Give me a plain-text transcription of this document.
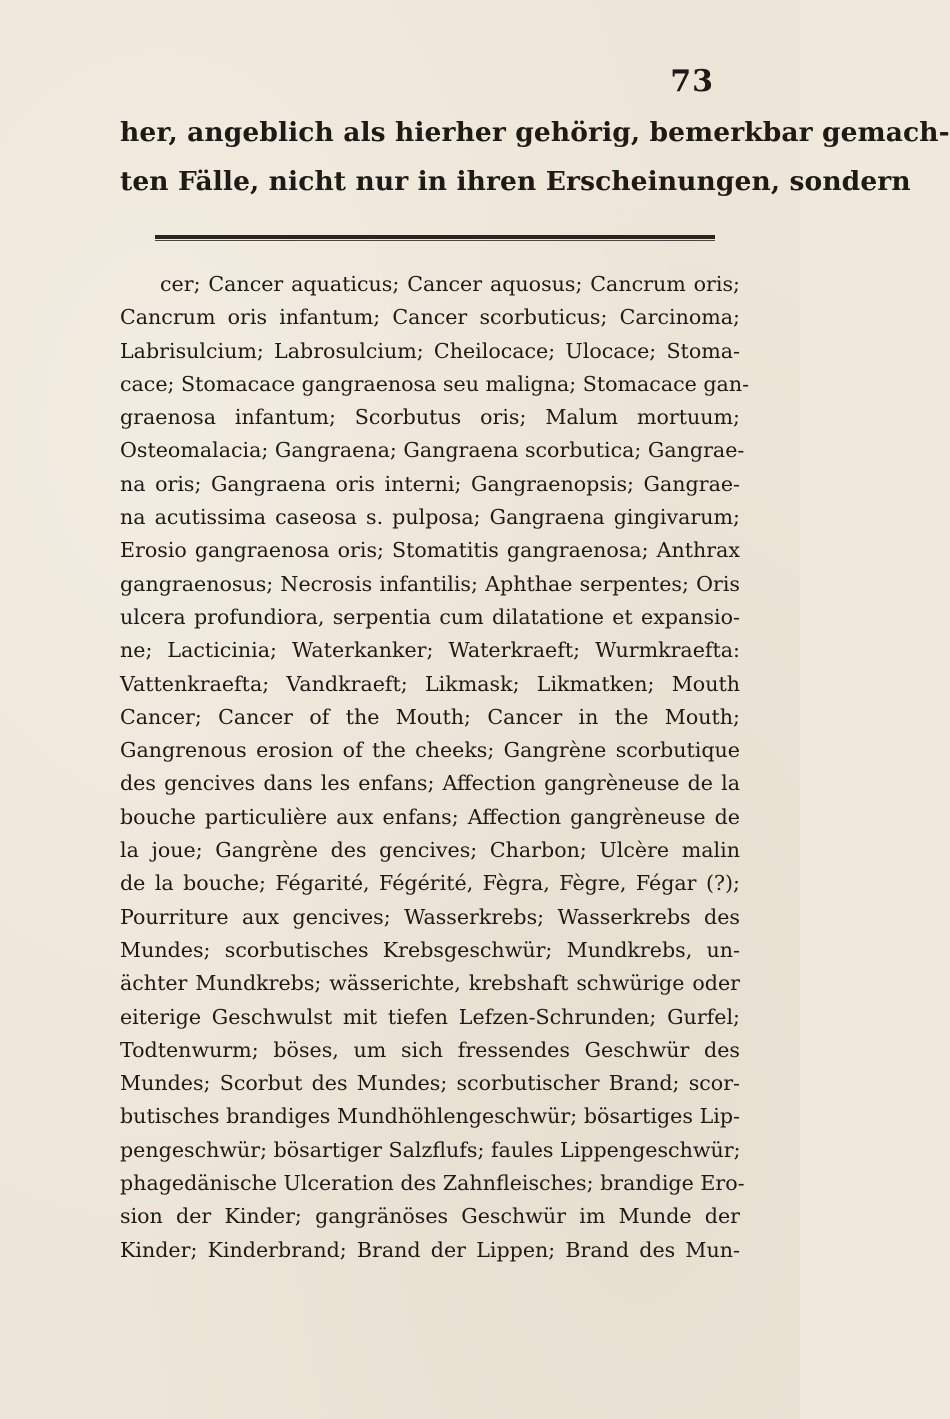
73
her, angeblich als hierher gehörig, bemerkbar gemach-
ten Fälle, nicht nur in ihren Erscheinungen, sondern
cer; Cancer aquaticus; Cancer aquosus; Cancrum oris;
Cancrum oris infantum; Cancer scorbuticus; Carcinoma;
Labrisulcium; Labrosulcium; Cheilocace; Ulocace; Stoma-
cace; Stomacace gangraenosa seu maligna; Stomacace gan-
graenosa infantum; Scorbutus oris; Malum mortuum;
Osteomalacia; Gangraena; Gangraena scorbutica; Gangrae-
na oris; Gangraena oris interni; Gangraenopsis; Gangrae-
na acutissima caseosa s. pulposa; Gangraena gingivarum;
Erosio gangraenosa oris; Stomatitis gangraenosa; Anthrax
gangraenosus; Necrosis infantilis; Aphthae serpentes; Oris
ulcera profundiora, serpentia cum dilatatione et expansio-
ne; Lacticinia; Waterkanker; Waterkraeft; Wurmkraefta:
Vattenkraefta; Vandkraeft; Likmask; Likmatken; Mouth
Cancer; Cancer of the Mouth; Cancer in the Mouth;
Gangrenous erosion of the cheeks; Gangrène scorbutique
des gencives dans les enfans; Affection gangrèneuse de la
bouche particulière aux enfans; Affection gangrèneuse de
la joue; Gangrène des gencives; Charbon; Ulcère malin
de la bouche; Fégarité, Fégérité, Fègra, Fègre, Fégar (?);
Pourriture aux gencives; Wasserkrebs; Wasserkrebs des
Mundes; scorbutisches Krebsgeschwür; Mundkrebs, un-
ächter Mundkrebs; wässerichte, krebshaft schwürige oder
eiterige Geschwulst mit tiefen Lefzen-Schrunden; Gurfel;
Todtenwurm; böses, um sich fressendes Geschwür des
Mundes; Scorbut des Mundes; scorbutischer Brand; scor-
butisches brandiges Mundhöhlengeschwür; bösartiges Lip-
pengeschwür; bösartiger Salzflufs; faules Lippengeschwür;
phagedänische Ulceration des Zahnfleisches; brandige Ero-
sion der Kinder; gangränöses Geschwür im Munde der
Kinder; Kinderbrand; Brand der Lippen; Brand des Mun-
